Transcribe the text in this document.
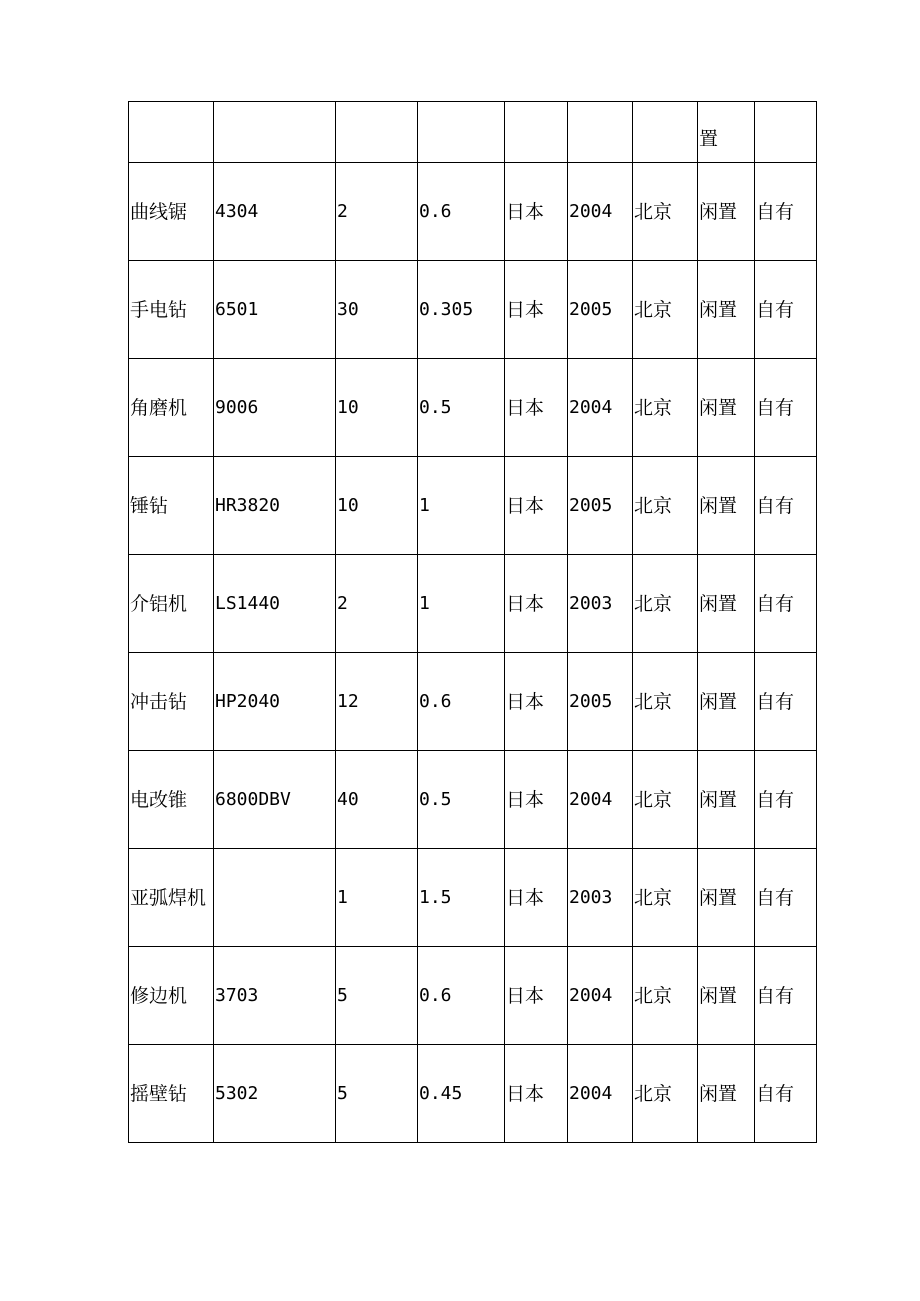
							置	
曲线锯	4304	2	0.6	日本	2004	北京	闲置	自有
手电钻	6501	30	0.305	日本	2005	北京	闲置	自有
角磨机	9006	10	0.5	日本	2004	北京	闲置	自有
锤钻	HR3820	10	1	日本	2005	北京	闲置	自有
介铝机	LS1440	2	1	日本	2003	北京	闲置	自有
冲击钻	HP2040	12	0.6	日本	2005	北京	闲置	自有
电改锥	6800DBV	40	0.5	日本	2004	北京	闲置	自有
亚弧焊机		1	1.5	日本	2003	北京	闲置	自有
修边机	3703	5	0.6	日本	2004	北京	闲置	自有
摇壁钻	5302	5	0.45	日本	2004	北京	闲置	自有
